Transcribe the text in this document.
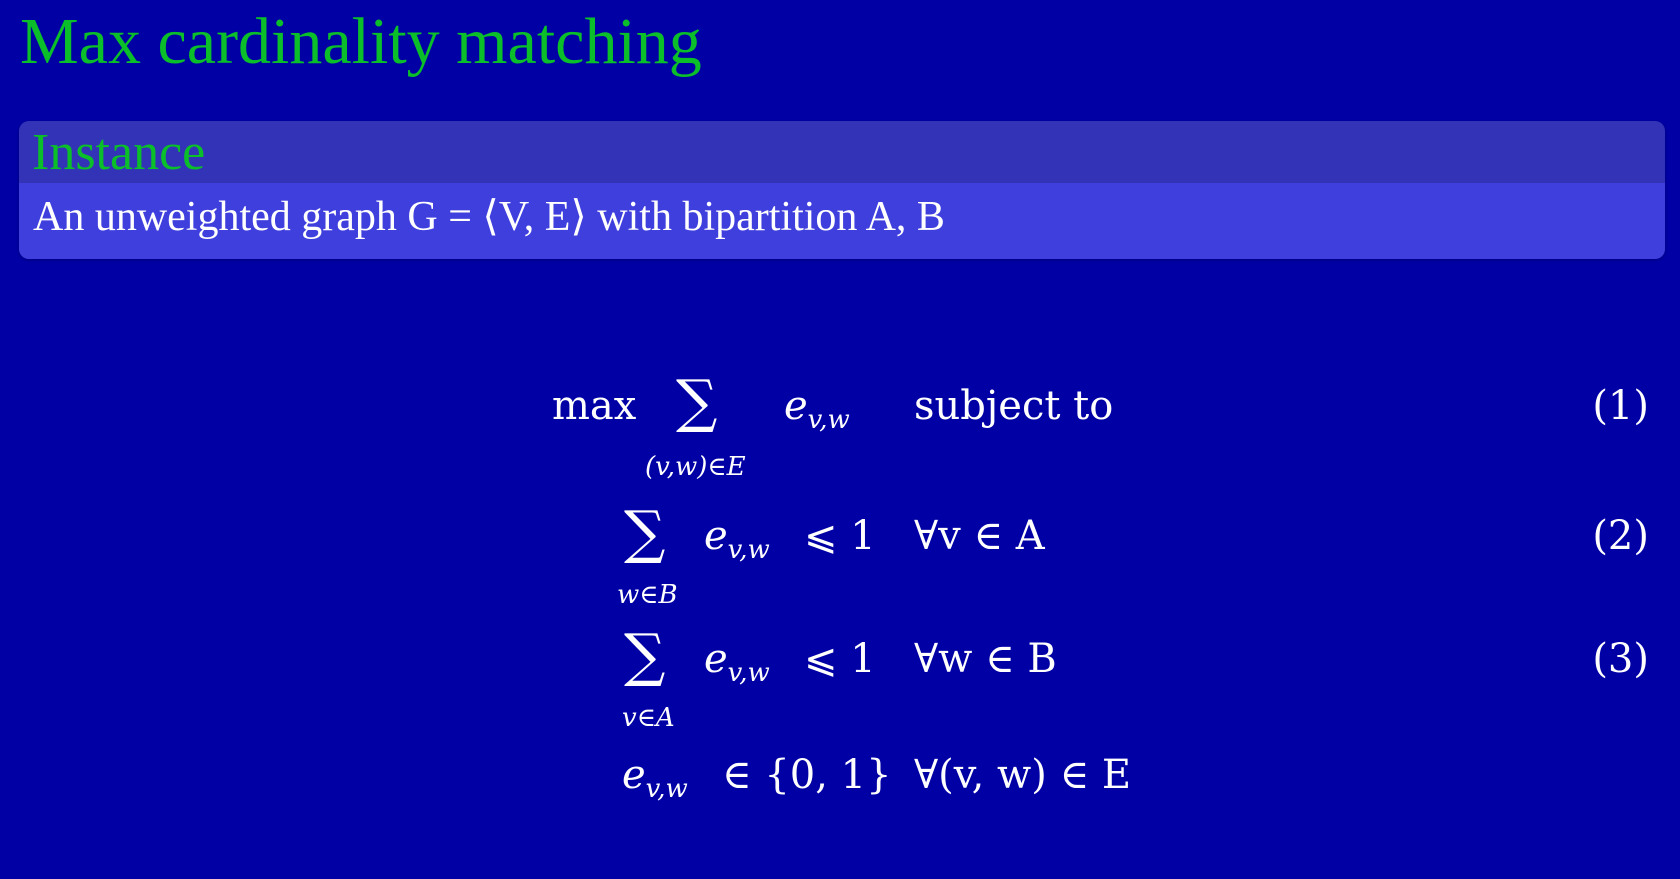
Max cardinality matching
Instance
An unweighted graph G = ⟨V, E⟩ with bipartition A, B
max ∑
(v,w)∈E
$e_{v,w}$ subject to	(1)
∑
w∈B
$e_{v,w}$ ⩽ 1 ∀v ∈ A	(2)
∑
v∈A
$e_{v,w}$ ⩽ 1 ∀w ∈ B	(3)
$e_{v,w}$ ∈ {0, 1} ∀(v, w) ∈ E
